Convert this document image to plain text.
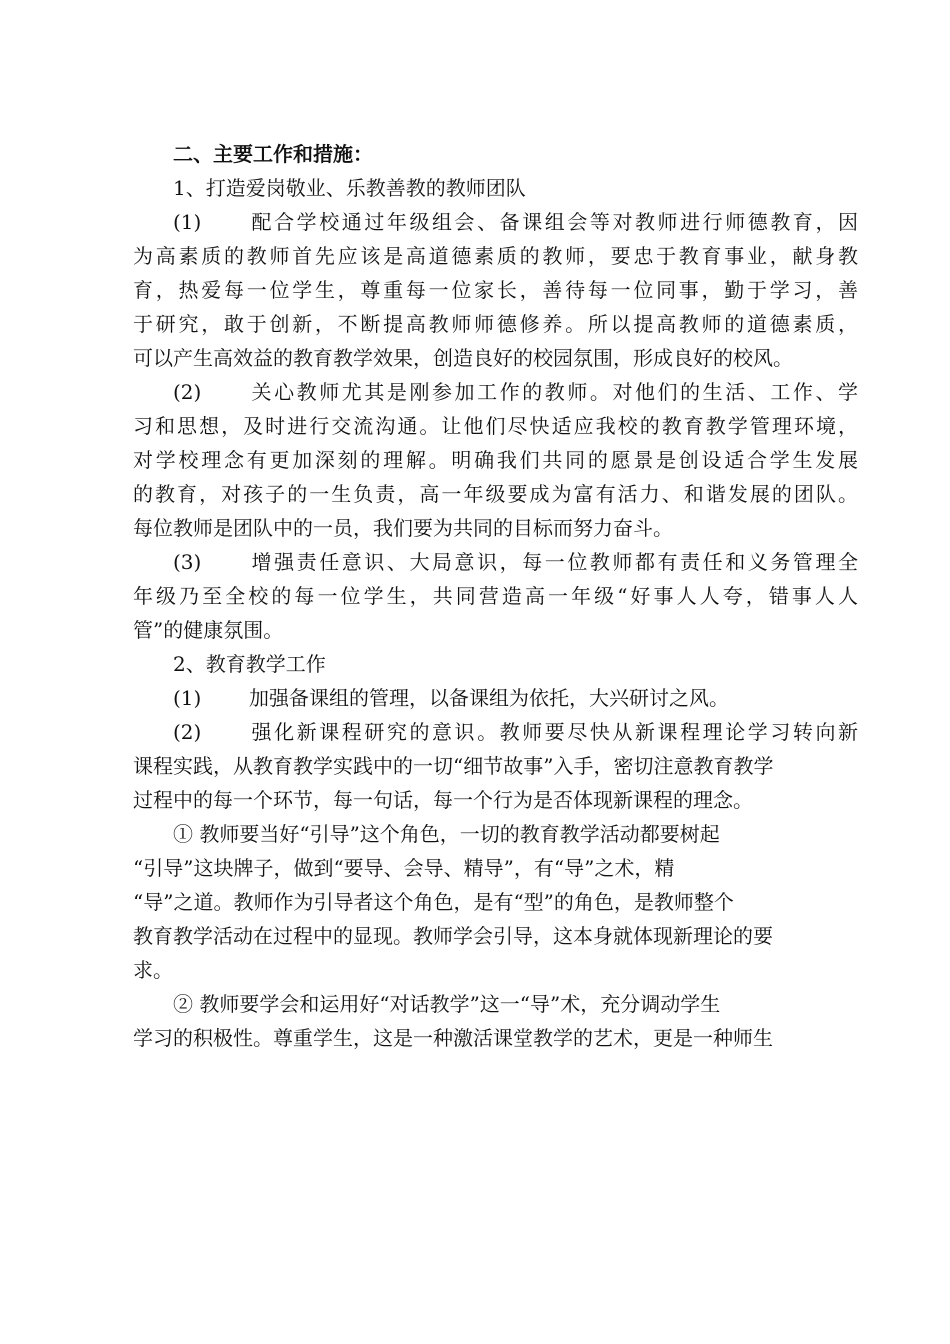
二、主要工作和措施：
1、打造爱岗敬业、乐教善教的教师团队
(1) 配合学校通过年级组会、备课组会等对教师进行师德教育，因
为高素质的教师首先应该是高道德素质的教师，要忠于教育事业，献身教
育，热爱每一位学生，尊重每一位家长，善待每一位同事，勤于学习，善
于研究，敢于创新，不断提高教师师德修养。所以提高教师的道德素质，
可以产生高效益的教育教学效果，创造良好的校园氛围，形成良好的校风。
(2) 关心教师尤其是刚参加工作的教师。对他们的生活、工作、学
习和思想，及时进行交流沟通。让他们尽快适应我校的教育教学管理环境，
对学校理念有更加深刻的理解。明确我们共同的愿景是创设适合学生发展
的教育，对孩子的一生负责，高一年级要成为富有活力、和谐发展的团队。
每位教师是团队中的一员，我们要为共同的目标而努力奋斗。
(3) 增强责任意识、大局意识，每一位教师都有责任和义务管理全
年级乃至全校的每一位学生，共同营造高一年级“好事人人夸，错事人人
管”的健康氛围。
2、教育教学工作
(1) 加强备课组的管理，以备课组为依托，大兴研讨之风。
(2) 强化新课程研究的意识。教师要尽快从新课程理论学习转向新
课程实践，从教育教学实践中的一切“细节故事”入手，密切注意教育教学
过程中的每一个环节，每一句话，每一个行为是否体现新课程的理念。
① 教师要当好“引导”这个角色，一切的教育教学活动都要树起
“引导”这块牌子，做到“要导、会导、精导”，有“导”之术，精
“导”之道。教师作为引导者这个角色，是有“型”的角色，是教师整个
教育教学活动在过程中的显现。教师学会引导，这本身就体现新理论的要
求。
② 教师要学会和运用好“对话教学”这一“导”术，充分调动学生
学习的积极性。尊重学生，这是一种激活课堂教学的艺术，更是一种师生
